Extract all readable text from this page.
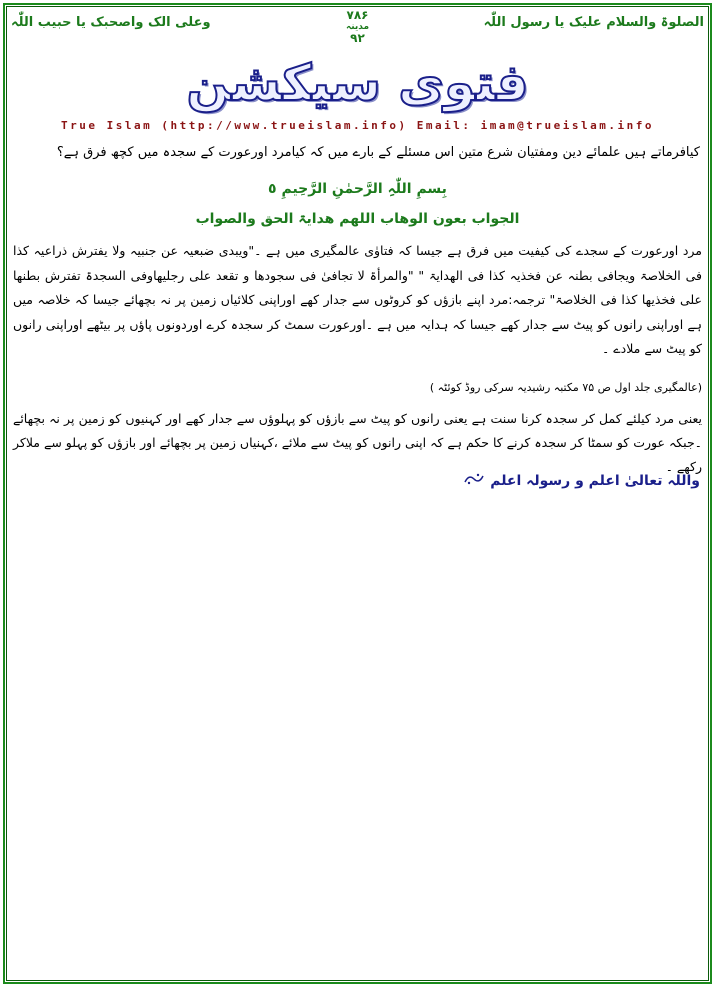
الصلوۃ والسلام علیک یا رسول اللّٰہ
۷۸۶
مدینہ
۹۲
وعلی الک واصحبک یا حبیب اللّٰہ
فتوی سیکشن
True Islam (http://www.trueislam.info) Email: imam@trueislam.info
کیافرماتے ہیں علمائے دین ومفتیان شرع متین اس مسئلے کے بارے میں کہ کیامرد اورعورت کے سجدہ میں کچھ فرق ہے؟
بِسمِ اللّٰہِ الرَّحمٰنِ الرَّحِیمِ ٥
الجواب بعون الوھاب اللھم ھدایۃ الحق والصواب
مرد اورعورت کے سجدے کی کیفیت میں فرق ہے جیسا کہ فتاوٰی عالمگیری میں ہے ۔"ویبدی ضبعیہ عن جنبیہ ولا یفترش ذراعیہ کذا فی الخلاصۃ ویجافی بطنہ عن فخذیہ کذا فی الھدایۃ " "والمرأۃ لا تجافیٰ فی سجودھا و تقعد علی رجلیھاوفی السجدۃ تفترش بطنھا علی فخذیھا کذا فی الخلاصۃ" ترجمہ:مرد اپنے بازؤں کو کروٹوں سے جدار کھے اوراپنی کلائیاں زمین پر نہ بچھائے جیسا کہ خلاصہ میں ہے اوراپنی رانوں کو پیٹ سے جدار کھے جیسا کہ ہدایہ میں ہے ۔اورعورت سمٹ کر سجدہ کرے اوردونوں پاؤں پر بیٹھے اوراپنی رانوں کو پیٹ سے ملادے ۔
(عالمگیری جلد اول ص ۷۵ مکتبہ رشیدیہ سرکی روڈ کوئٹہ )
یعنی مرد کیلئے کمل کر سجدہ کرنا سنت ہے یعنی رانوں کو پیٹ سے بازؤں کو پہلوؤں سے جدار کھے اور کہنیوں کو زمین پر نہ بچھائے ۔جبکہ عورت کو سمٹا کر سجدہ کرنے کا حکم ہے کہ اپنی رانوں کو پیٹ سے ملائے ،کہنیاں زمین پر بچھائے اور بازؤں کو پہلو سے ملاکر رکھے ۔
واللہ تعالیٰ اعلم و رسولہ اعلم
